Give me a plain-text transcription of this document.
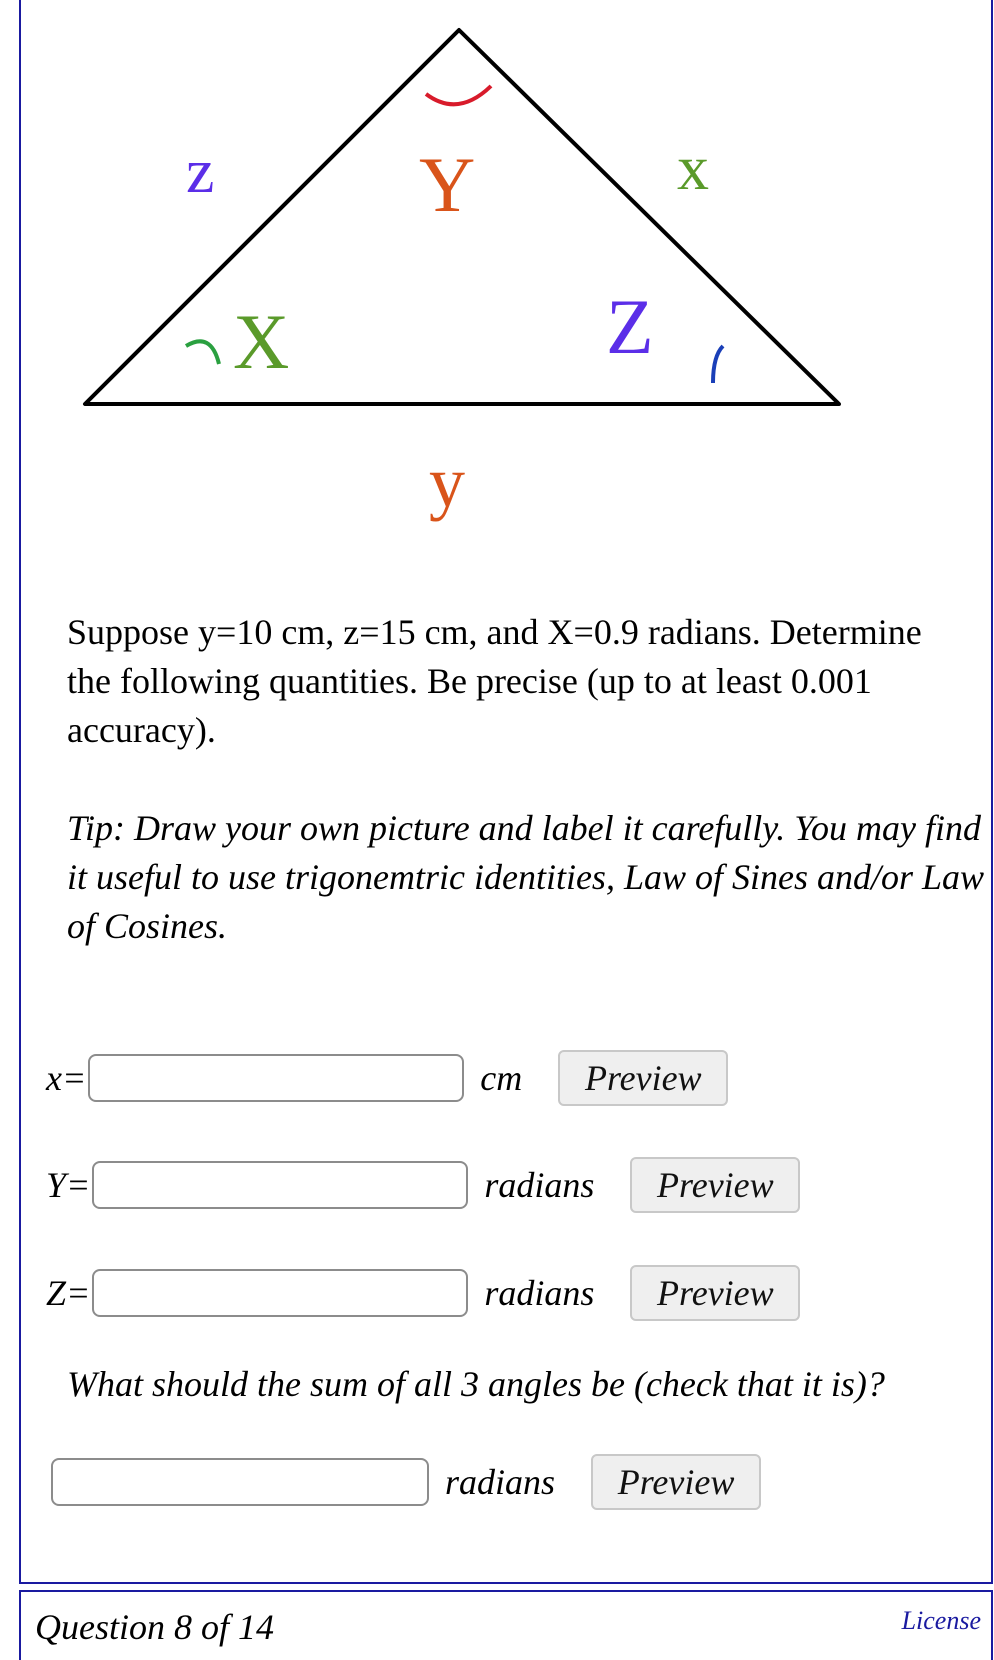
z	Y	x
X	Z
y

Suppose y=10 cm, z=15 cm, and X=0.9 radians. Determine the following quantities. Be precise (up to at least 0.001 accuracy).

Tip: Draw your own picture and label it carefully. You may find it useful to use trigonemtric identities, Law of Sines and/or Law of Cosines.

x=	cm	Preview
Y=	radians	Preview
Z=	radians	Preview

What should the sum of all 3 angles be (check that it is)?

radians	Preview
Question 8 of 14	License
